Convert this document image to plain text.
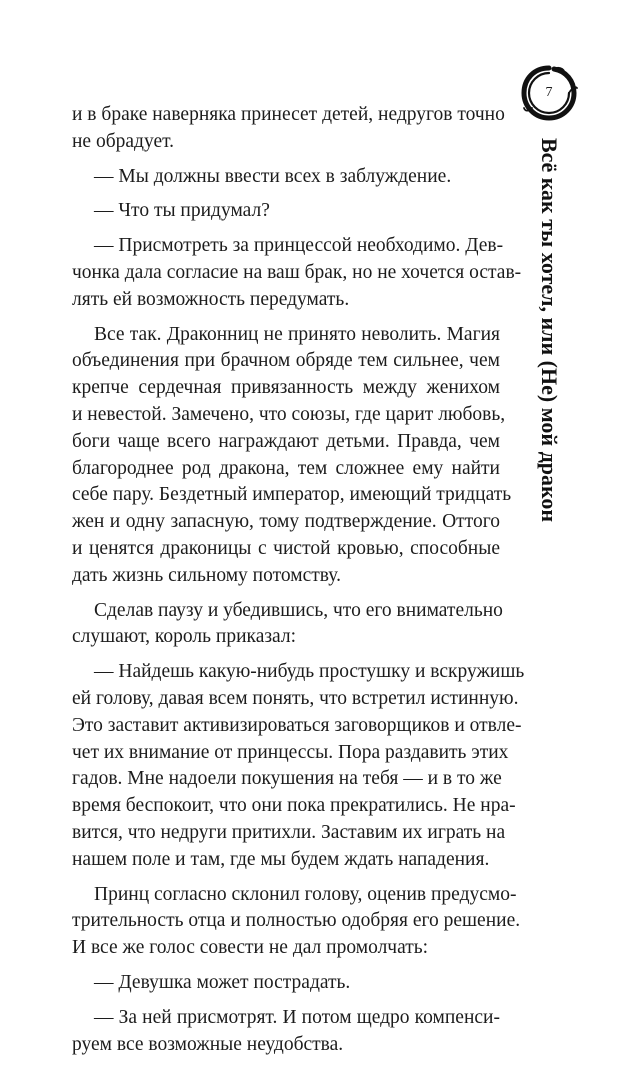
7
Всё как ты хотел, или (Не) мой дракон
и в браке наверняка принесет детей, недругов точно
не обрадует.
— Мы должны ввести всех в заблуждение.
— Что ты придумал?
— Присмотреть за принцессой необходимо. Дев-
чонка дала согласие на ваш брак, но не хочется остав-
лять ей возможность передумать.
Все так. Драконниц не принято неволить. Магия
объединения при брачном обряде тем сильнее, чем
крепче сердечная привязанность между женихом
и невестой. Замечено, что союзы, где царит любовь,
боги чаще всего награждают детьми. Правда, чем
благороднее род дракона, тем сложнее ему найти
себе пару. Бездетный император, имеющий тридцать
жен и одну запасную, тому подтверждение. Оттого
и ценятся драконицы с чистой кровью, способные
дать жизнь сильному потомству.
Сделав паузу и убедившись, что его внимательно
слушают, король приказал:
— Найдешь какую-нибудь простушку и вскружишь
ей голову, давая всем понять, что встретил истинную.
Это заставит активизироваться заговорщиков и отвле-
чет их внимание от принцессы. Пора раздавить этих
гадов. Мне надоели покушения на тебя — и в то же
время беспокоит, что они пока прекратились. Не нра-
вится, что недруги притихли. Заставим их играть на
нашем поле и там, где мы будем ждать нападения.
Принц согласно склонил голову, оценив предусмо-
трительность отца и полностью одобряя его решение.
И все же голос совести не дал промолчать:
— Девушка может пострадать.
— За ней присмотрят. И потом щедро компенси-
руем все возможные неудобства.
